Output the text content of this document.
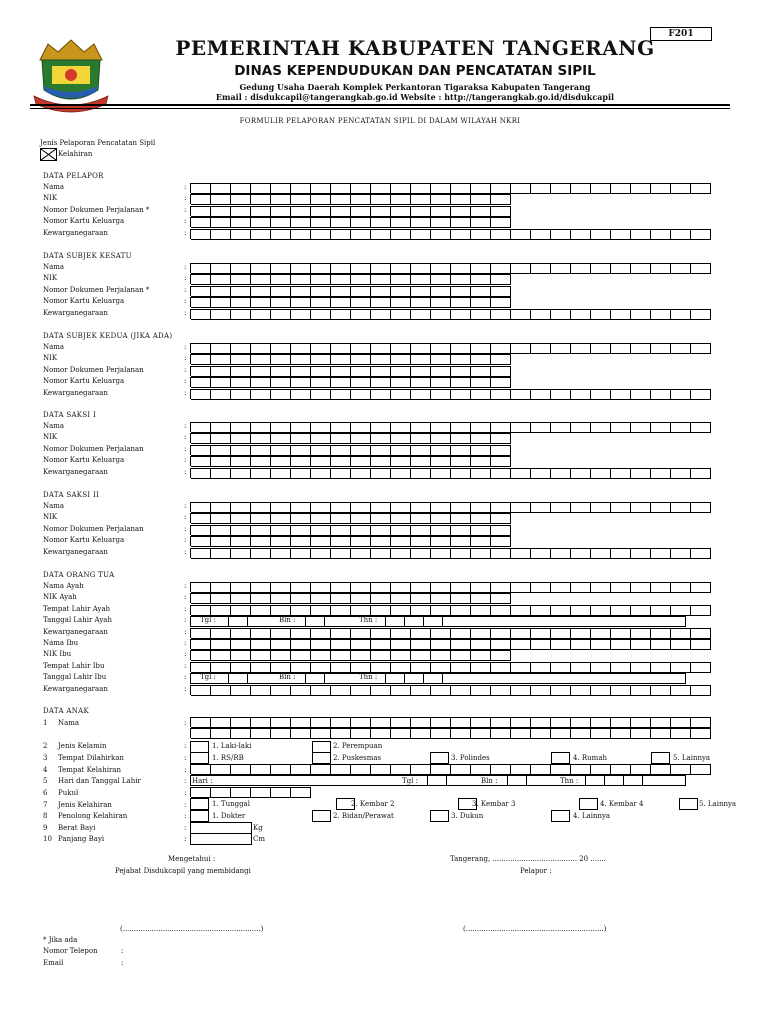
F201
PEMERINTAH KABUPATEN TANGERANG
DINAS KEPENDUDUKAN DAN PENCATATAN SIPIL
Gedung Usaha Daerah Komplek Perkantoran Tigaraksa Kabupaten Tangerang
Email : disdukcapil@tangerangkab.go.id Website : http://tangerangkab.go.id/disdukcapil
FORMULIR PELAPORAN PENCATATAN SIPIL DI DALAM WILAYAH NKRI
Jenis Pelaporan Pencatatan Sipil
Kelahiran
DATA PELAPOR
Nama	:
NIK	:
Nomor Dokumen Perjalanan *	:
Nomor Kartu Keluarga	:
Kewarganegaraan	:
DATA SUBJEK KESATU
Nama	:
NIK	:
Nomor Dokumen Perjalanan *	:
Nomor Kartu Keluarga	:
Kewarganegaraan	:
DATA SUBJEK KEDUA (JIKA ADA)
Nama	:
NIK	:
Nomor Dokumen Perjalanan	:
Nomor Kartu Keluarga	:
Kewarganegaraan	:
DATA SAKSI I
Nama	:
NIK	:
Nomor Dokumen Perjalanan	:
Nomor Kartu Keluarga	:
Kewarganegaraan	:
DATA SAKSI II
Nama	:
NIK	:
Nomor Dokumen Perjalanan	:
Nomor Kartu Keluarga	:
Kewarganegaraan	:
DATA ORANG TUA
Nama Ayah	:
NIK Ayah	:
Tempat Lahir Ayah	:
Tanggal Lahir Ayah	: Tgl :	Bln :	Thn :
Kewarganegaraan	:
Nama Ibu	:
NIK Ibu	:
Tempat Lahir Ibu	:
Tanggal Lahir Ibu	: Tgl :	Bln :	Thn :
Kewarganegaraan	:
DATA ANAK
1 Nama	:
2 Jenis Kelamin	:	1. Laki-laki	2. Perempuan
3 Tempat Dilahirkan	:	1. RS/RB	2. Puskesmas	3. Polindes	4. Rumah	5. Lainnya
4 Tempat Kelahiran	:
5 Hari dan Tanggal Lahir	: Hari :	Tgl :	Bln :	Thn :
6 Pukul	:
7 Jenis Kelahiran	:	1. Tunggal	2. Kembar 2	3. Kembar 3	4. Kembar 4	5. Lainnya
8 Penolong Kelahiran	:	1. Dokter	2. Bidan/Perawat	3. Dukun	4. Lainnya
9 Berat Bayi	:	Kg
10 Panjang Bayi	:	Cm
Mengetahui :
Pejabat Disdukcapil yang membidangi
Tangerang, ...................................... 20 .......
Pelapor :
(..............................................................)	(..............................................................)
* Jika ada
Nomor Telepon	:
Email	:
